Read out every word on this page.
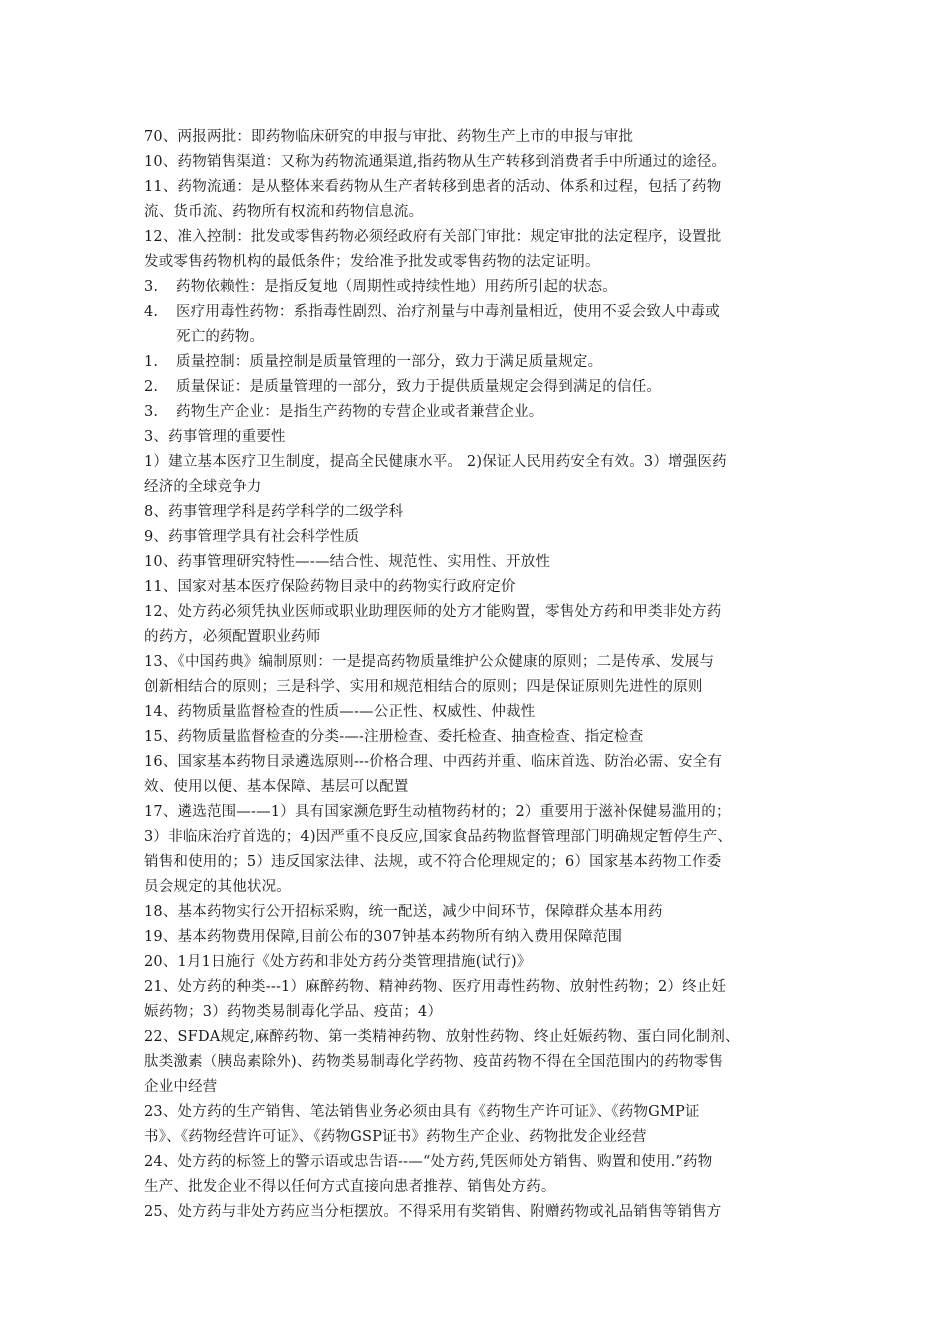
70、两报两批：即药物临床研究的申报与审批、药物生产上市的申报与审批
10、药物销售渠道：又称为药物流通渠道,指药物从生产转移到消费者手中所通过的途径。
11、药物流通：是从整体来看药物从生产者转移到患者的活动、体系和过程，包括了药物
流、货币流、药物所有权流和药物信息流。
12、准入控制：批发或零售药物必须经政府有关部门审批：规定审批的法定程序，设置批
发或零售药物机构的最低条件；发给准予批发或零售药物的法定证明。
3. 药物依赖性：是指反复地（周期性或持续性地）用药所引起的状态。
4. 医疗用毒性药物：系指毒性剧烈、治疗剂量与中毒剂量相近，使用不妥会致人中毒或
死亡的药物。
1. 质量控制：质量控制是质量管理的一部分，致力于满足质量规定。
2. 质量保证：是质量管理的一部分，致力于提供质量规定会得到满足的信任。
3. 药物生产企业：是指生产药物的专营企业或者兼营企业。
3、药事管理的重要性
1）建立基本医疗卫生制度，提高全民健康水平。 2)保证人民用药安全有效。3）增强医药
经济的全球竞争力
8、药事管理学科是药学科学的二级学科
9、药事管理学具有社会科学性质
10、药事管理研究特性—-—结合性、规范性、实用性、开放性
11、国家对基本医疗保险药物目录中的药物实行政府定价
12、处方药必须凭执业医师或职业助理医师的处方才能购置，零售处方药和甲类非处方药
的药方，必须配置职业药师
13、《中国药典》编制原则：一是提高药物质量维护公众健康的原则；二是传承、发展与
创新相结合的原则；三是科学、实用和规范相结合的原则；四是保证原则先进性的原则
14、药物质量监督检查的性质—-—公正性、权威性、仲裁性
15、药物质量监督检查的分类-—-注册检查、委托检查、抽查检查、指定检查
16、国家基本药物目录遴选原则---价格合理、中西药并重、临床首选、防治必需、安全有
效、使用以便、基本保障、基层可以配置
17、遴选范围—-—1）具有国家濒危野生动植物药材的；2）重要用于滋补保健易滥用的；
3）非临床治疗首选的；4)因严重不良反应,国家食品药物监督管理部门明确规定暂停生产、
销售和使用的；5）违反国家法律、法规，或不符合伦理规定的；6）国家基本药物工作委
员会规定的其他状况。
18、基本药物实行公开招标采购，统一配送，减少中间环节，保障群众基本用药
19、基本药物费用保障,目前公布的307钟基本药物所有纳入费用保障范围
20、1月1日施行《处方药和非处方药分类管理措施(试行)》
21、处方药的种类---1）麻醉药物、精神药物、医疗用毒性药物、放射性药物；2）终止妊
娠药物；3）药物类易制毒化学品、疫苗；4）
22、SFDA规定,麻醉药物、第一类精神药物、放射性药物、终止妊娠药物、蛋白同化制剂、
肽类激素（胰岛素除外)、药物类易制毒化学药物、疫苗药物不得在全国范围内的药物零售
企业中经营
23、处方药的生产销售、笔法销售业务必须由具有《药物生产许可证》、《药物GMP证
书》、《药物经营许可证》、《药物GSP证书》药物生产企业、药物批发企业经营
24、处方药的标签上的警示语或忠告语--—“处方药,凭医师处方销售、购置和使用.”药物
生产、批发企业不得以任何方式直接向患者推荐、销售处方药。
25、处方药与非处方药应当分柜摆放。不得采用有奖销售、附赠药物或礼品销售等销售方
